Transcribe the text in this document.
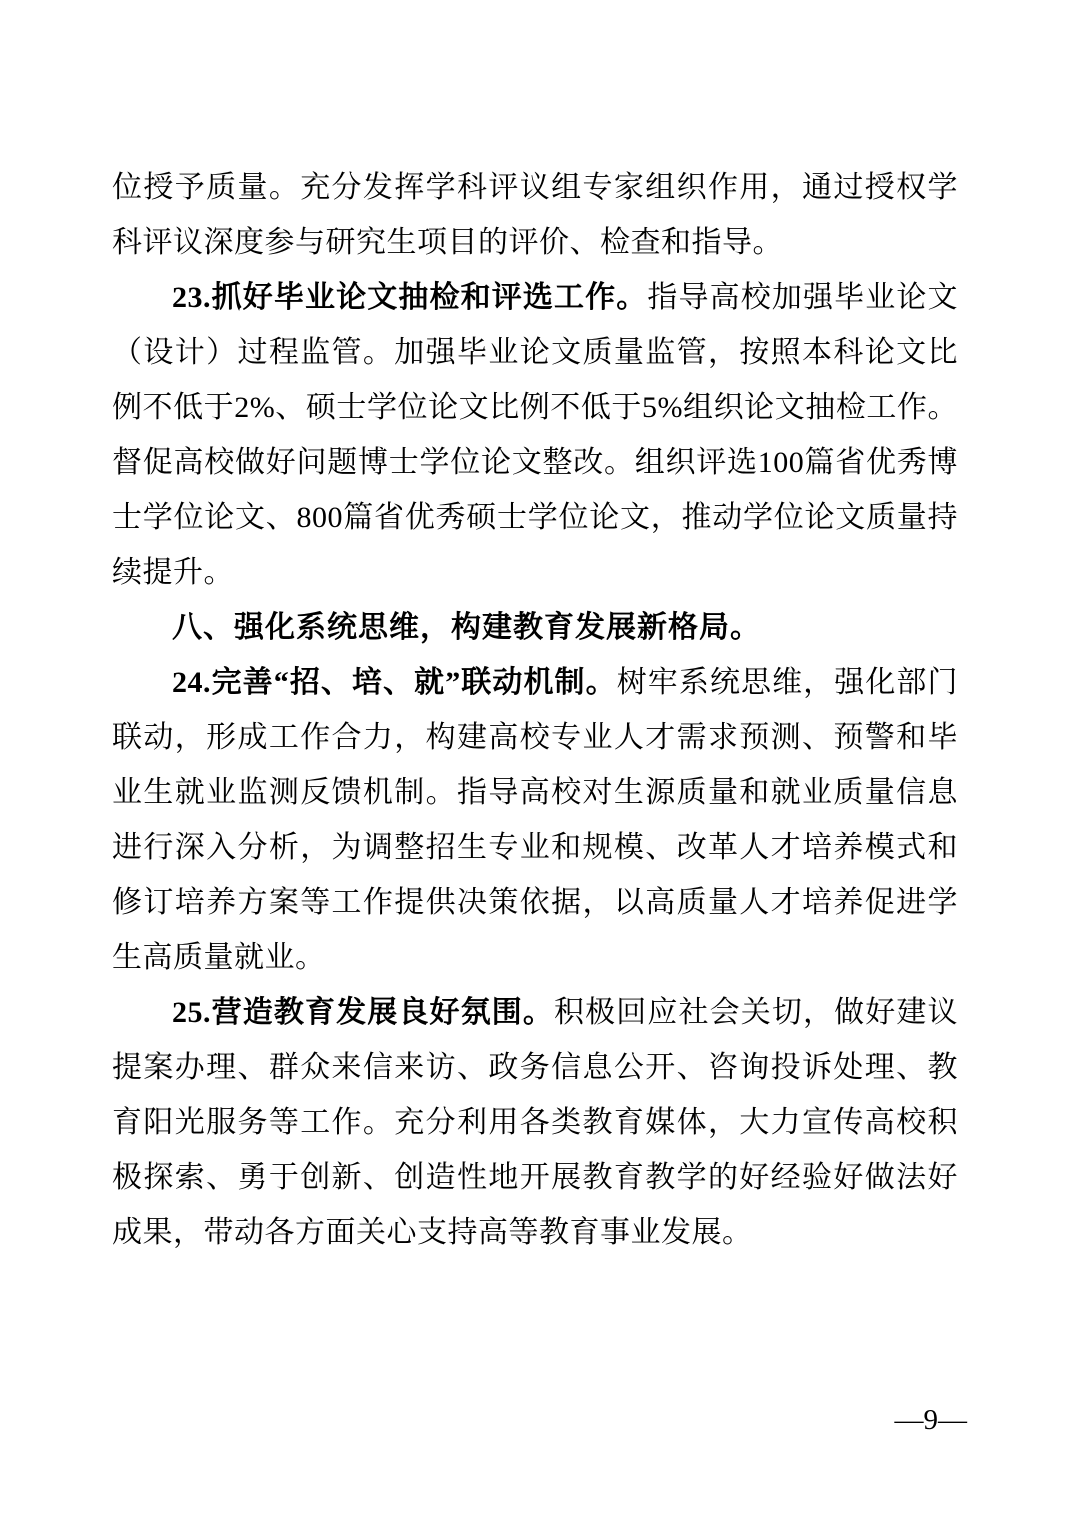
位授予质量。充分发挥学科评议组专家组织作用，通过授权学科评议深度参与研究生项目的评价、检查和指导。

23.抓好毕业论文抽检和评选工作。指导高校加强毕业论文（设计）过程监管。加强毕业论文质量监管，按照本科论文比例不低于2%、硕士学位论文比例不低于5%组织论文抽检工作。督促高校做好问题博士学位论文整改。组织评选100篇省优秀博士学位论文、800篇省优秀硕士学位论文，推动学位论文质量持续提升。

八、强化系统思维，构建教育发展新格局。

24.完善“招、培、就”联动机制。树牢系统思维，强化部门联动，形成工作合力，构建高校专业人才需求预测、预警和毕业生就业监测反馈机制。指导高校对生源质量和就业质量信息进行深入分析，为调整招生专业和规模、改革人才培养模式和修订培养方案等工作提供决策依据，以高质量人才培养促进学生高质量就业。

25.营造教育发展良好氛围。积极回应社会关切，做好建议提案办理、群众来信来访、政务信息公开、咨询投诉处理、教育阳光服务等工作。充分利用各类教育媒体，大力宣传高校积极探索、勇于创新、创造性地开展教育教学的好经验好做法好成果，带动各方面关心支持高等教育事业发展。

—9—
